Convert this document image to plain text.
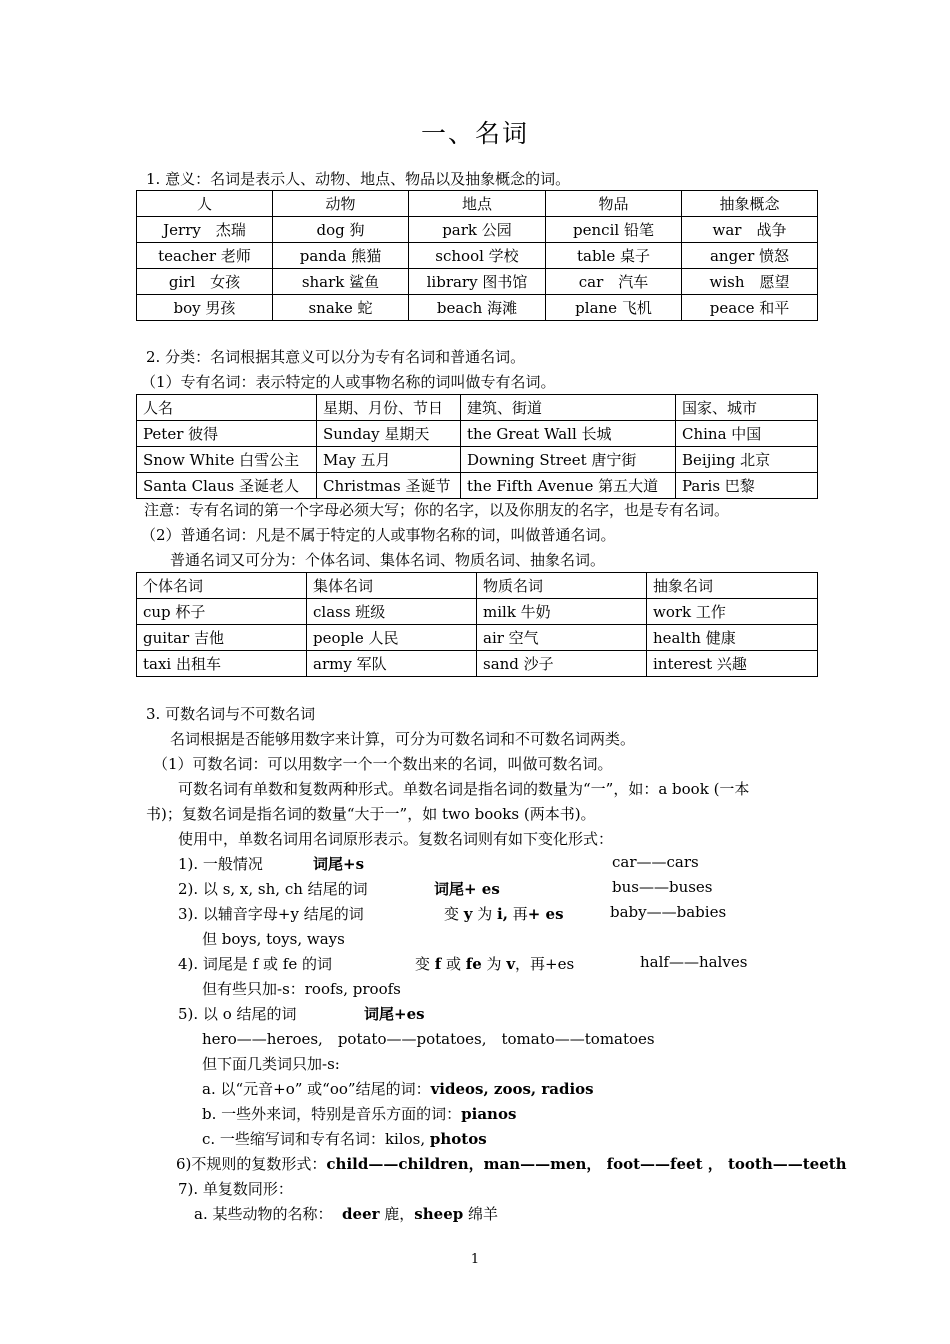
一、名词
1. 意义：名词是表示人、动物、地点、物品以及抽象概念的词。
人	动物	地点	物品	抽象概念
Jerry　杰瑞	dog 狗	park 公园	pencil 铅笔	war　战争
teacher 老师	panda 熊猫	school 学校	table 桌子	anger 愤怒
girl　女孩	shark 鲨鱼	library 图书馆	car　汽车	wish　愿望
boy 男孩	snake 蛇	beach 海滩	plane 飞机	peace 和平
2. 分类：名词根据其意义可以分为专有名词和普通名词。
（1）专有名词：表示特定的人或事物名称的词叫做专有名词。
人名	星期、月份、节日	建筑、街道	国家、城市
Peter 彼得	Sunday 星期天	the Great Wall 长城	China 中国
Snow White 白雪公主	May 五月	Downing Street 唐宁街	Beijing 北京
Santa Claus 圣诞老人	Christmas 圣诞节	the Fifth Avenue 第五大道	Paris 巴黎
注意：专有名词的第一个字母必须大写；你的名字，以及你朋友的名字，也是专有名词。
（2）普通名词：凡是不属于特定的人或事物名称的词，叫做普通名词。
普通名词又可分为：个体名词、集体名词、物质名词、抽象名词。
个体名词	集体名词	物质名词	抽象名词
cup 杯子	class 班级	milk 牛奶	work 工作
guitar 吉他	people 人民	air 空气	health 健康
taxi 出租车	army 军队	sand 沙子	interest 兴趣
3. 可数名词与不可数名词
名词根据是否能够用数字来计算，可分为可数名词和不可数名词两类。
（1）可数名词：可以用数字一个一个数出来的名词，叫做可数名词。
可数名词有单数和复数两种形式。单数名词是指名词的数量为“一”，如：a book (一本
书)；复数名词是指名词的数量“大于一”，如 two books (两本书)。
使用中，单数名词用名词原形表示。复数名词则有如下变化形式：
1). 一般情况	词尾+s	car——cars
2). 以 s, x, sh, ch 结尾的词	词尾+ es	bus——buses
3). 以辅音字母+y 结尾的词	变 y 为 i, 再+ es	baby——babies
但 boys, toys, ways
4). 词尾是 f 或 fe 的词	变 f 或 fe 为 v，再+es	half——halves
但有些只加-s：roofs, proofs
5). 以 o 结尾的词	词尾+es
hero——heroes,　potato——potatoes,　tomato——tomatoes
但下面几类词只加-s:
a. 以“元音+o” 或“oo”结尾的词：videos, zoos, radios
b. 一些外来词，特别是音乐方面的词：pianos
c. 一些缩写词和专有名词：kilos, photos
6)不规则的复数形式：child——children，man——men， foot——feet ， tooth——teeth
7). 单复数同形：
a. 某些动物的名称： deer 鹿，sheep 绵羊
1
